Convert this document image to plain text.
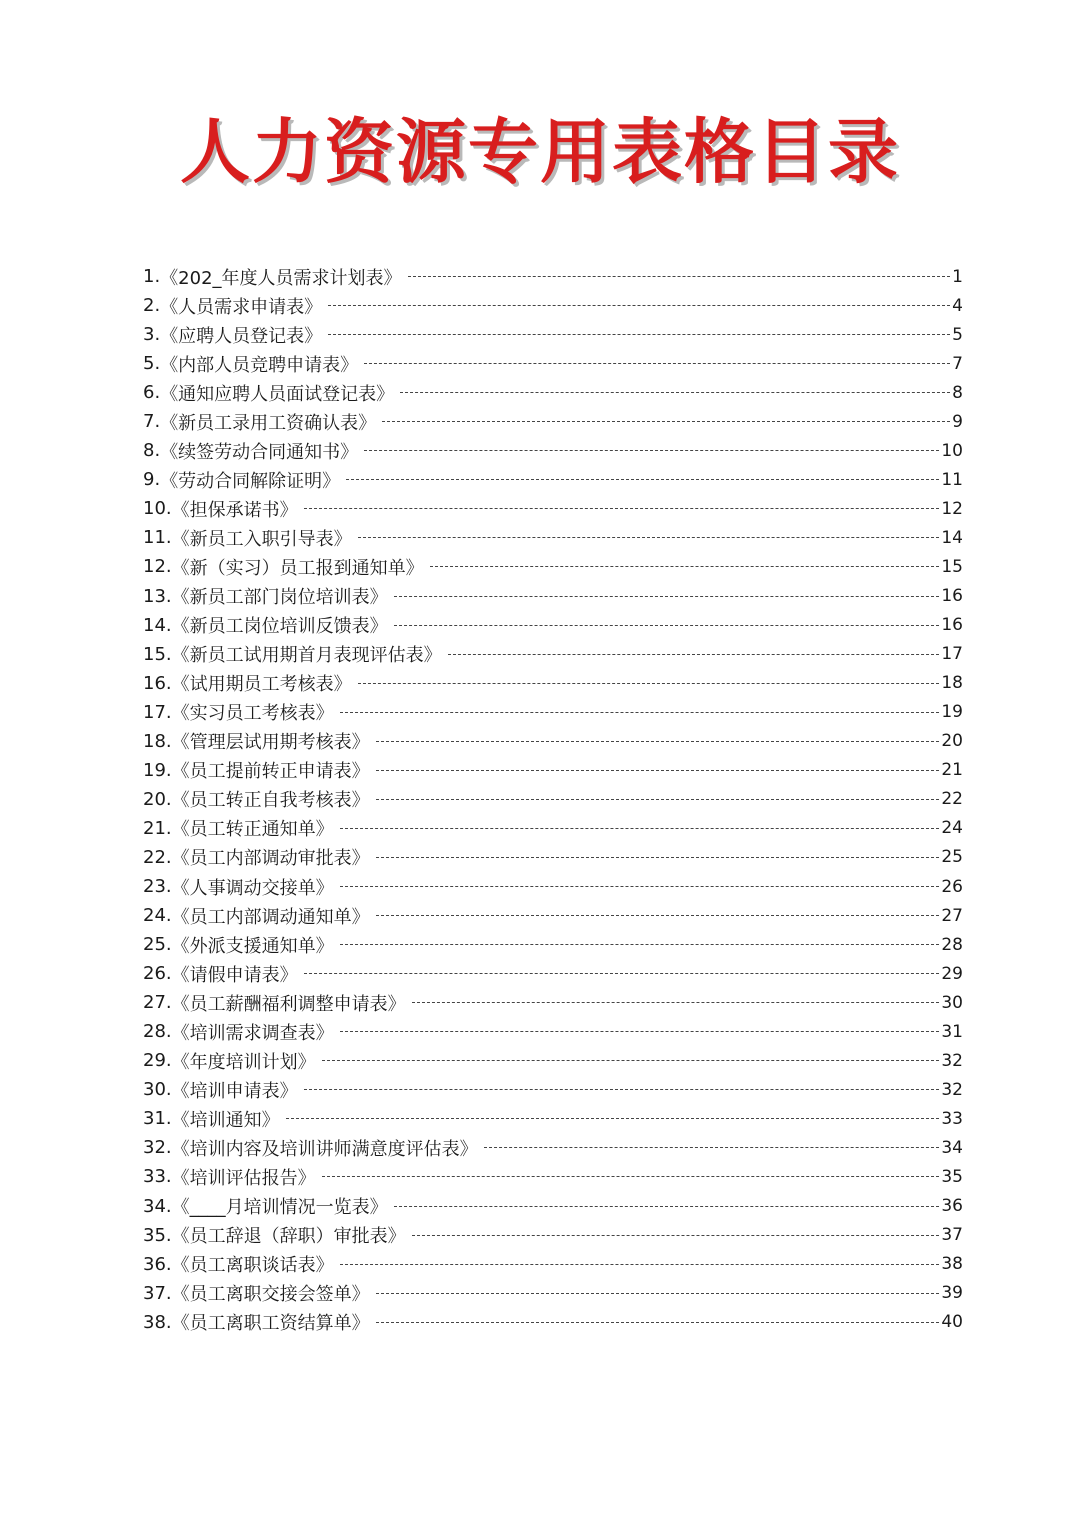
人力资源专用表格目录
1. 《202_年度人员需求计划表》	1
2. 《人员需求申请表》	4
3. 《应聘人员登记表》	5
5. 《内部人员竞聘申请表》	7
6. 《通知应聘人员面试登记表》	8
7. 《新员工录用工资确认表》	9
8. 《续签劳动合同通知书》	10
9. 《劳动合同解除证明》	11
10. 《担保承诺书》	12
11. 《新员工入职引导表》	14
12. 《新（实习）员工报到通知单》	15
13. 《新员工部门岗位培训表》	16
14. 《新员工岗位培训反馈表》	16
15. 《新员工试用期首月表现评估表》	17
16. 《试用期员工考核表》	18
17. 《实习员工考核表》	19
18. 《管理层试用期考核表》	20
19. 《员工提前转正申请表》	21
20. 《员工转正自我考核表》	22
21. 《员工转正通知单》	24
22. 《员工内部调动审批表》	25
23. 《人事调动交接单》	26
24. 《员工内部调动通知单》	27
25. 《外派支援通知单》	28
26. 《请假申请表》	29
27. 《员工薪酬福利调整申请表》	30
28. 《培训需求调查表》	31
29. 《年度培训计划》	32
30. 《培训申请表》	32
31. 《培训通知》	33
32. 《培训内容及培训讲师满意度评估表》	34
33. 《培训评估报告》	35
34. 《____月培训情况一览表》	36
35. 《员工辞退（辞职）审批表》	37
36. 《员工离职谈话表》	38
37. 《员工离职交接会签单》	39
38. 《员工离职工资结算单》	40
